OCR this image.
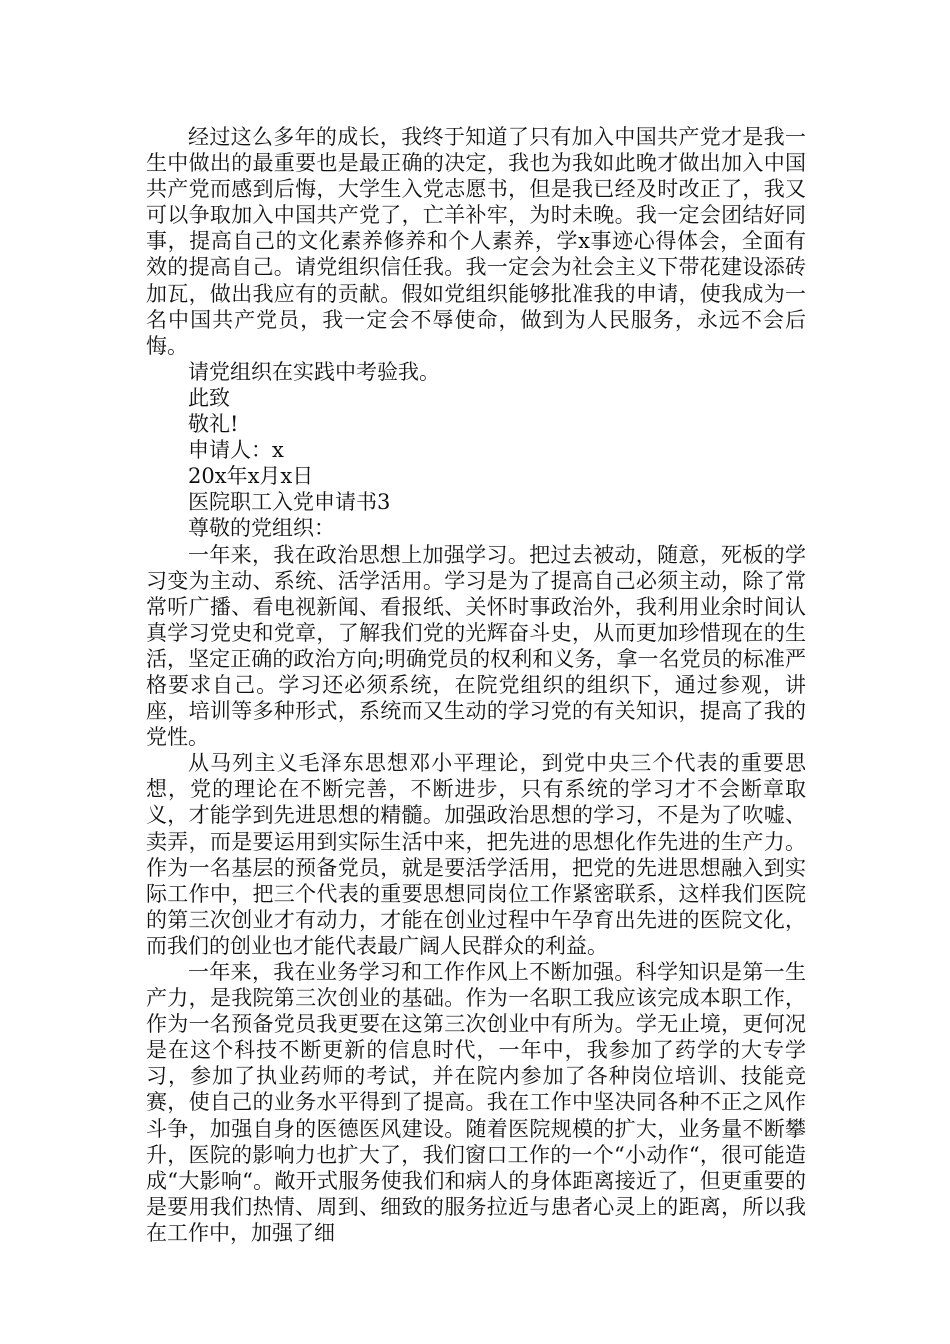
经过这么多年的成长，我终于知道了只有加入中国共产党才是我一生中做出的最重要也是最正确的决定，我也为我如此晚才做出加入中国共产党而感到后悔，大学生入党志愿书，但是我已经及时改正了，我又可以争取加入中国共产党了，亡羊补牢，为时未晚。我一定会团结好同事，提高自己的文化素养修养和个人素养，学x事迹心得体会，全面有效的提高自己。请党组织信任我。我一定会为社会主义下带花建设添砖加瓦，做出我应有的贡献。假如党组织能够批准我的申请，使我成为一名中国共产党员，我一定会不辱使命，做到为人民服务，永远不会后悔。

请党组织在实践中考验我。

此致

敬礼!

申请人：x

20x年x月x日

医院职工入党申请书3

尊敬的党组织：

一年来，我在政治思想上加强学习。把过去被动，随意，死板的学习变为主动、系统、活学活用。学习是为了提高自己必须主动，除了常常听广播、看电视新闻、看报纸、关怀时事政治外，我利用业余时间认真学习党史和党章，了解我们党的光辉奋斗史，从而更加珍惜现在的生活，坚定正确的政治方向;明确党员的权利和义务，拿一名党员的标准严格要求自己。学习还必须系统，在院党组织的组织下，通过参观，讲座，培训等多种形式，系统而又生动的学习党的有关知识，提高了我的党性。

从马列主义毛泽东思想邓小平理论，到党中央三个代表的重要思想，党的理论在不断完善，不断进步，只有系统的学习才不会断章取义，才能学到先进思想的精髓。加强政治思想的学习，不是为了吹嘘、卖弄，而是要运用到实际生活中来，把先进的思想化作先进的生产力。作为一名基层的预备党员，就是要活学活用，把党的先进思想融入到实际工作中，把三个代表的重要思想同岗位工作紧密联系，这样我们医院的第三次创业才有动力，才能在创业过程中午孕育出先进的医院文化，而我们的创业也才能代表最广阔人民群众的利益。

一年来，我在业务学习和工作作风上不断加强。科学知识是第一生产力，是我院第三次创业的基础。作为一名职工我应该完成本职工作，作为一名预备党员我更要在这第三次创业中有所为。学无止境，更何况是在这个科技不断更新的信息时代，一年中，我参加了药学的大专学习，参加了执业药师的考试，并在院内参加了各种岗位培训、技能竞赛，使自己的业务水平得到了提高。我在工作中坚决同各种不正之风作斗争，加强自身的医德医风建设。随着医院规模的扩大，业务量不断攀升，医院的影响力也扩大了，我们窗口工作的一个“小动作“，很可能造成“大影响“。敞开式服务使我们和病人的身体距离接近了，但更重要的是要用我们热情、周到、细致的服务拉近与患者心灵上的距离，所以我在工作中，加强了细
